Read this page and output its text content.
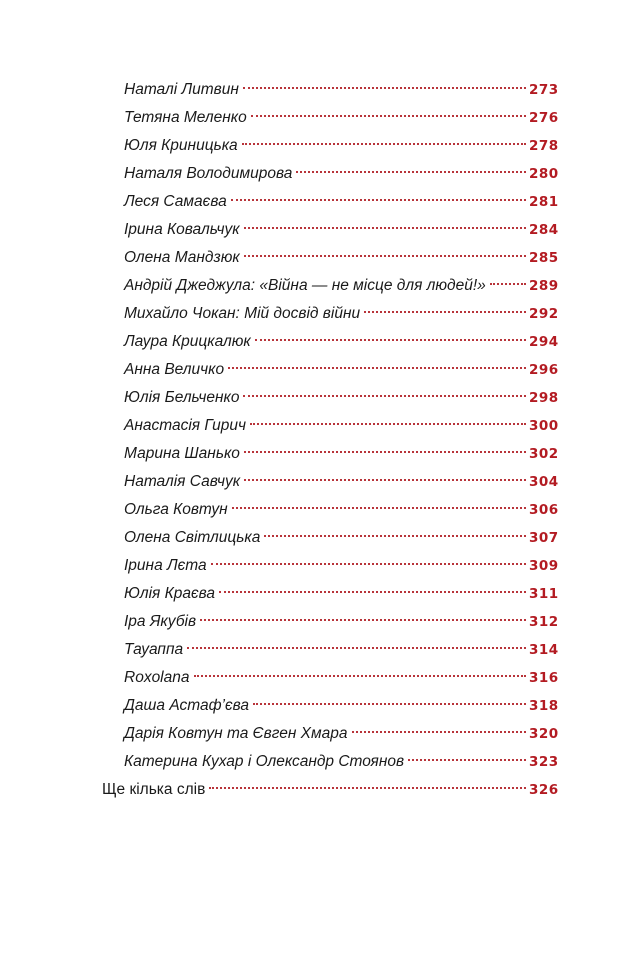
Наталі Литвин	273
Тетяна Меленко	276
Юля Криницька	278
Наталя Володимирова	280
Леся Самаєва	281
Ірина Ковальчук	284
Олена Мандзюк	285
Андрій Джеджула: «Війна — не місце для людей!»	289
Михайло Чокан: Мій досвід війни	292
Лаура Крицкалюк	294
Анна Величко	296
Юлія Бельченко	298
Анастасія Гирич	300
Марина Шанько	302
Наталія Савчук	304
Ольга Ковтун	306
Олена Світлицька	307
Ірина Лєта	309
Юлія Краєва	311
Іра Якубів	312
Тауаппа	314
Roxolana	316
Даша Астаф’єва	318
Дарія Ковтун та Євген Хмара	320
Катерина Кухар і Олександр Стоянов	323
Ще кілька слів	326
